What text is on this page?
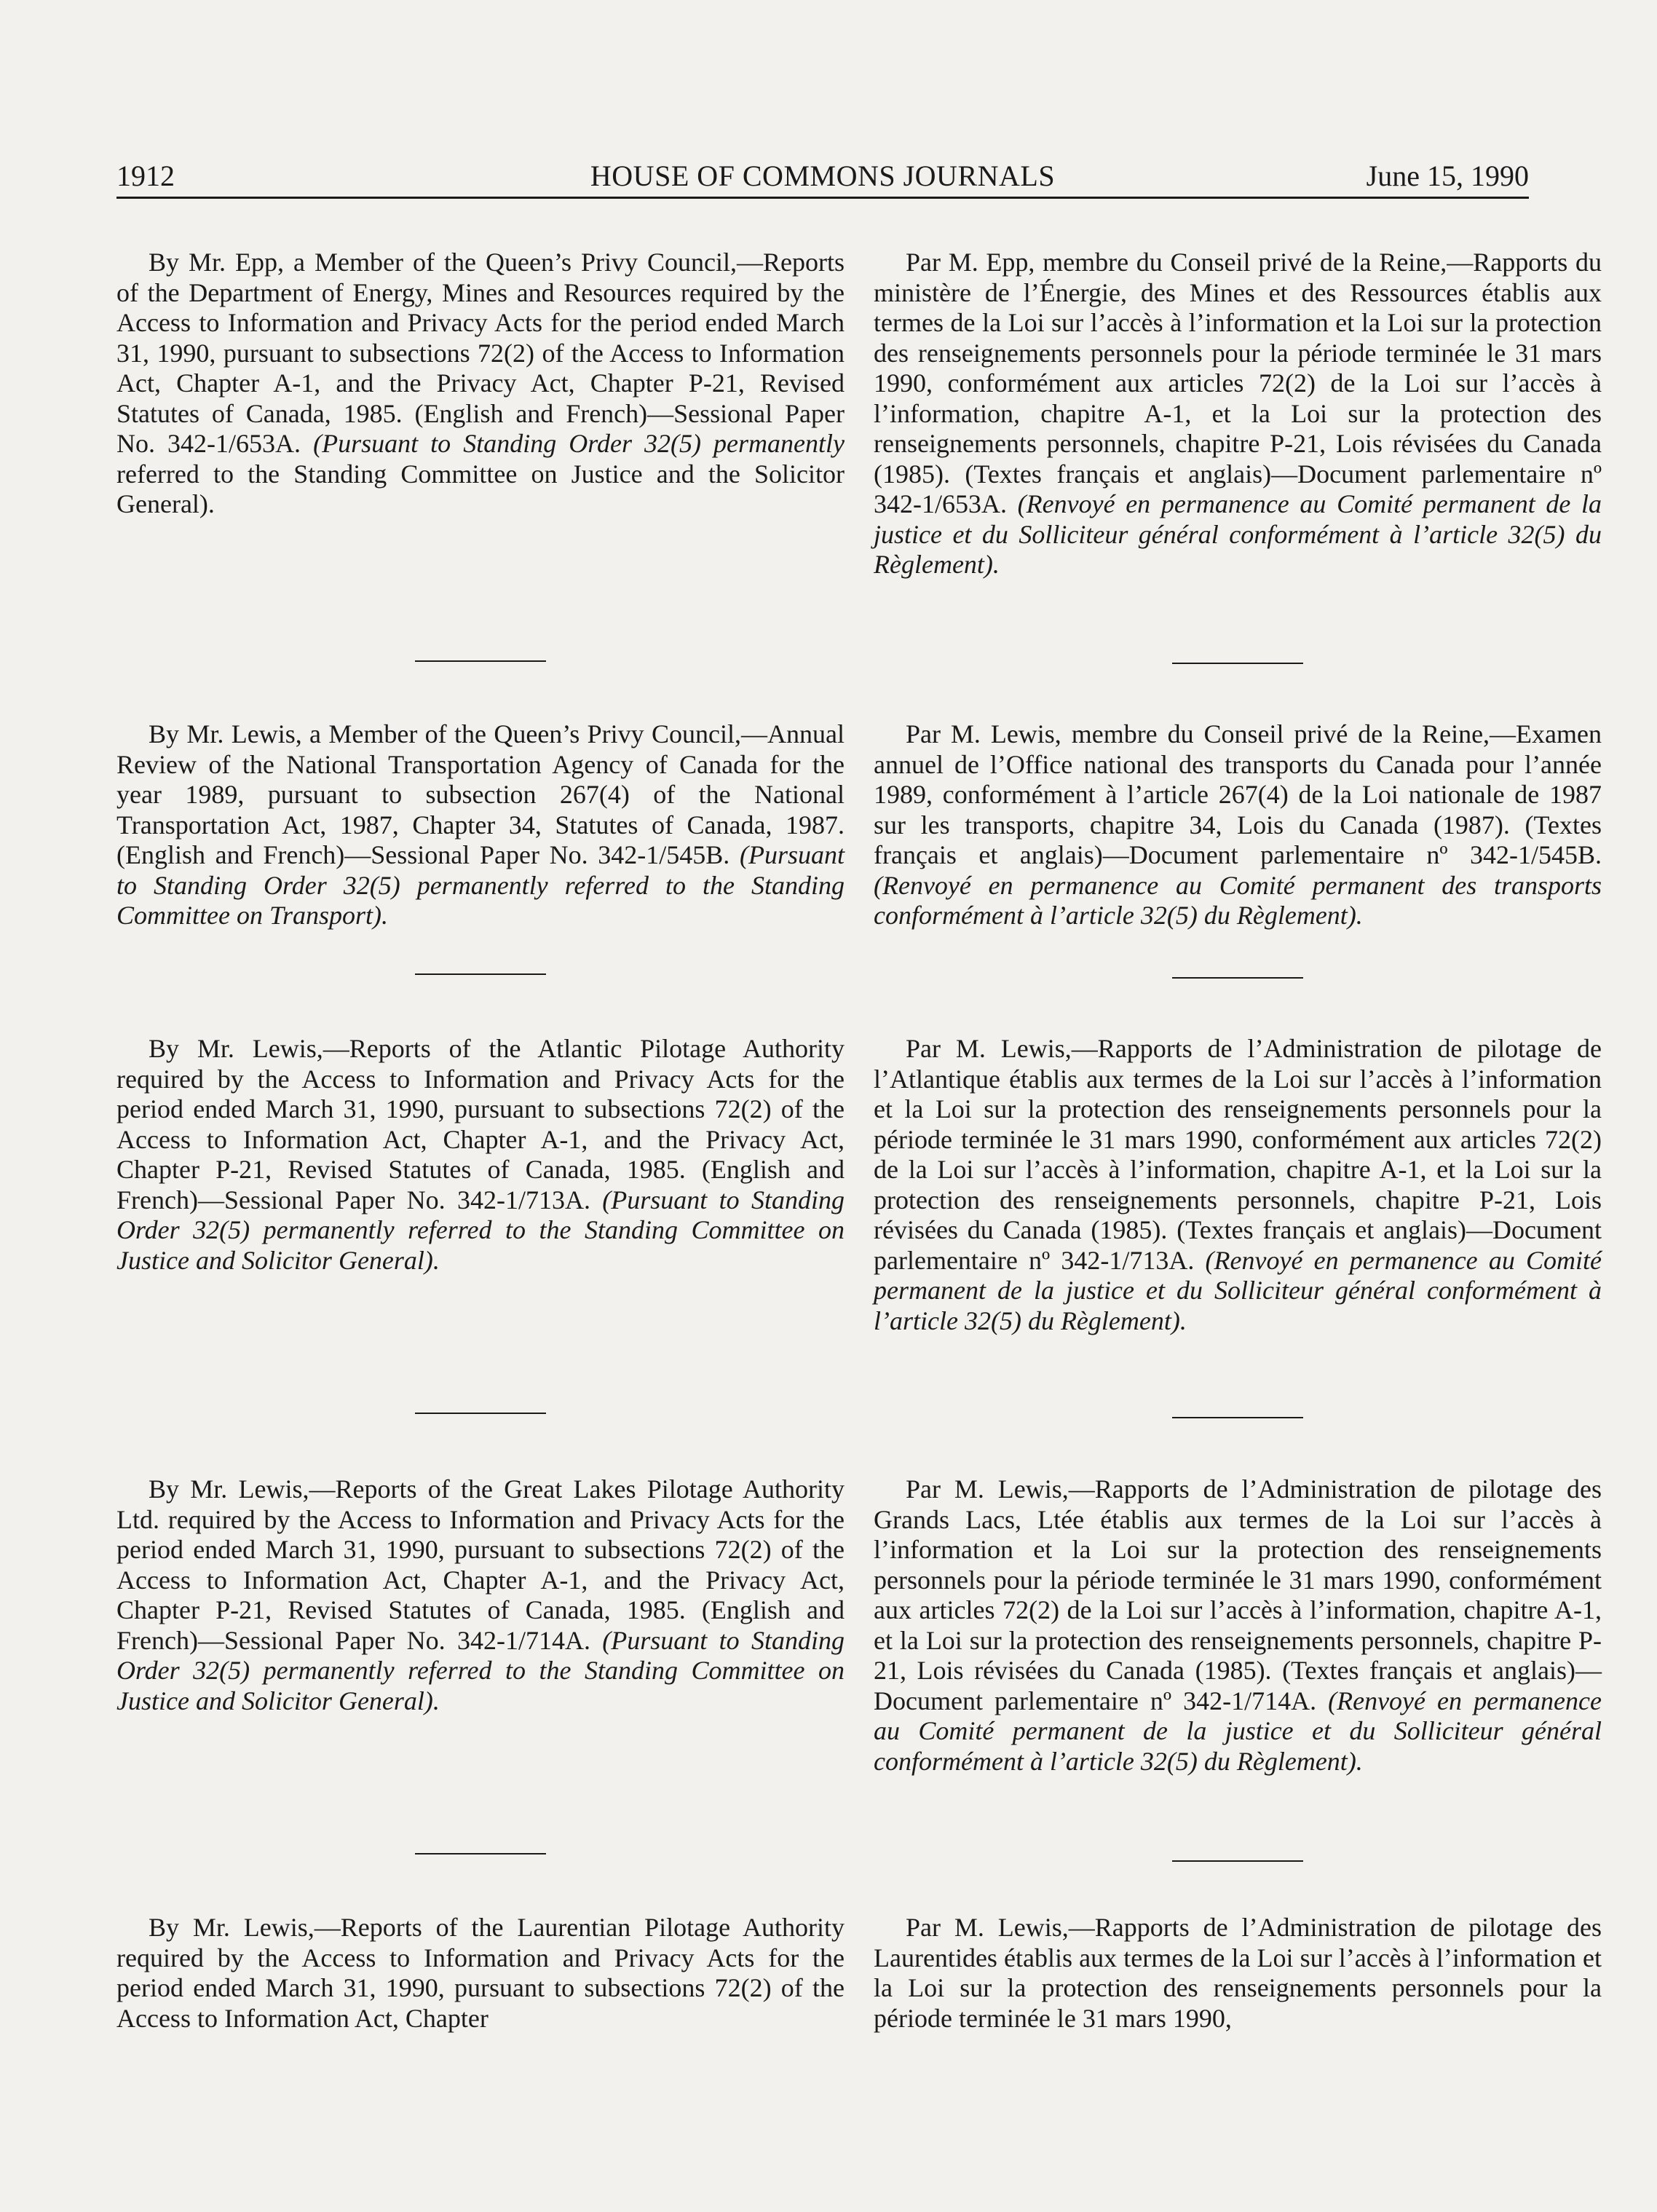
1912	HOUSE OF COMMONS JOURNALS	June 15, 1990

By Mr. Epp, a Member of the Queen’s Privy Council,—Reports of the Department of Energy, Mines and Resources required by the Access to Information and Privacy Acts for the period ended March 31, 1990, pursuant to subsections 72(2) of the Access to Information Act, Chapter A-1, and the Privacy Act, Chapter P-21, Revised Statutes of Canada, 1985. (English and French)—Sessional Paper No. 342-1/653A. (Pursuant to Standing Order 32(5) permanently referred to the Standing Committee on Justice and the Solicitor General).

By Mr. Lewis, a Member of the Queen’s Privy Council,—Annual Review of the National Transportation Agency of Canada for the year 1989, pursuant to subsection 267(4) of the National Transportation Act, 1987, Chapter 34, Statutes of Canada, 1987. (English and French)—Sessional Paper No. 342-1/545B. (Pursuant to Standing Order 32(5) permanently referred to the Standing Committee on Transport).

By Mr. Lewis,—Reports of the Atlantic Pilotage Authority required by the Access to Information and Privacy Acts for the period ended March 31, 1990, pursuant to subsections 72(2) of the Access to Information Act, Chapter A-1, and the Privacy Act, Chapter P-21, Revised Statutes of Canada, 1985. (English and French)—Sessional Paper No. 342-1/713A. (Pursuant to Standing Order 32(5) permanently referred to the Standing Committee on Justice and Solicitor General).

By Mr. Lewis,—Reports of the Great Lakes Pilotage Authority Ltd. required by the Access to Information and Privacy Acts for the period ended March 31, 1990, pursuant to subsections 72(2) of the Access to Information Act, Chapter A-1, and the Privacy Act, Chapter P-21, Revised Statutes of Canada, 1985. (English and French)—Sessional Paper No. 342-1/714A. (Pursuant to Standing Order 32(5) permanently referred to the Standing Committee on Justice and Solicitor General).

By Mr. Lewis,—Reports of the Laurentian Pilotage Authority required by the Access to Information and Privacy Acts for the period ended March 31, 1990, pursuant to subsections 72(2) of the Access to Information Act, Chapter

Par M. Epp, membre du Conseil privé de la Reine,—Rapports du ministère de l’Énergie, des Mines et des Ressources établis aux termes de la Loi sur l’accès à l’information et la Loi sur la protection des renseignements personnels pour la période terminée le 31 mars 1990, conformément aux articles 72(2) de la Loi sur l’accès à l’information, chapitre A-1, et la Loi sur la protection des renseignements personnels, chapitre P-21, Lois révisées du Canada (1985). (Textes français et anglais)—Document parlementaire nº 342-1/653A. (Renvoyé en permanence au Comité permanent de la justice et du Solliciteur général conformément à l’article 32(5) du Règlement).

Par M. Lewis, membre du Conseil privé de la Reine,—Examen annuel de l’Office national des transports du Canada pour l’année 1989, conformément à l’article 267(4) de la Loi nationale de 1987 sur les transports, chapitre 34, Lois du Canada (1987). (Textes français et anglais)—Document parlementaire nº 342-1/545B. (Renvoyé en permanence au Comité permanent des transports conformément à l’article 32(5) du Règlement).

Par M. Lewis,—Rapports de l’Administration de pilotage de l’Atlantique établis aux termes de la Loi sur l’accès à l’information et la Loi sur la protection des renseignements personnels pour la période terminée le 31 mars 1990, conformément aux articles 72(2) de la Loi sur l’accès à l’information, chapitre A-1, et la Loi sur la protection des renseignements personnels, chapitre P-21, Lois révisées du Canada (1985). (Textes français et anglais)—Document parlementaire nº 342-1/713A. (Renvoyé en permanence au Comité permanent de la justice et du Solliciteur général conformément à l’article 32(5) du Règlement).

Par M. Lewis,—Rapports de l’Administration de pilotage des Grands Lacs, Ltée établis aux termes de la Loi sur l’accès à l’information et la Loi sur la protection des renseignements personnels pour la période terminée le 31 mars 1990, conformément aux articles 72(2) de la Loi sur l’accès à l’information, chapitre A-1, et la Loi sur la protection des renseignements personnels, chapitre P-21, Lois révisées du Canada (1985). (Textes français et anglais)—Document parlementaire nº 342-1/714A. (Renvoyé en permanence au Comité permanent de la justice et du Solliciteur général conformément à l’article 32(5) du Règlement).

Par M. Lewis,—Rapports de l’Administration de pilotage des Laurentides établis aux termes de la Loi sur l’accès à l’information et la Loi sur la protection des renseignements personnels pour la période terminée le 31 mars 1990,
